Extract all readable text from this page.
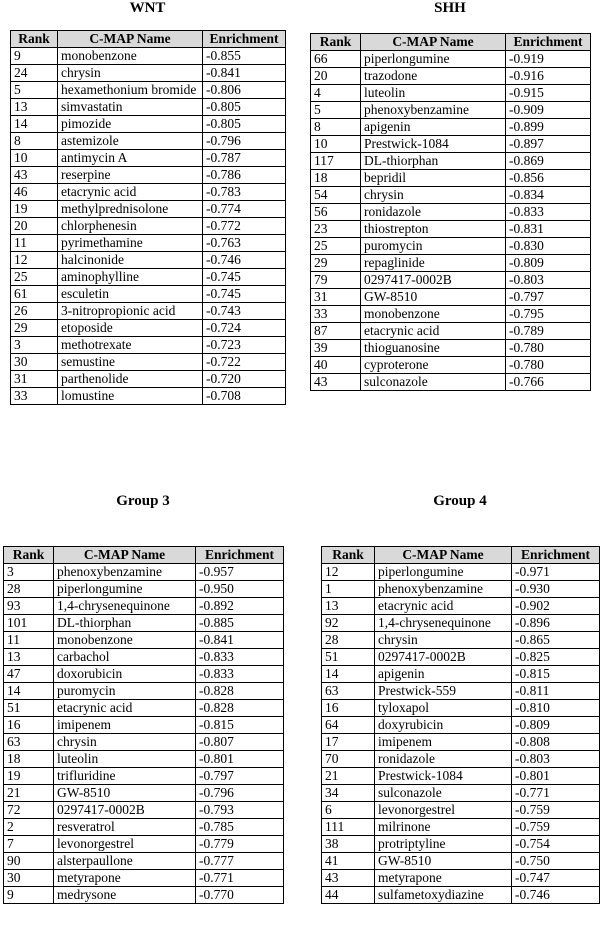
WNT
Rank	C-MAP Name	Enrichment
9	monobenzone	-0.855
24	chrysin	-0.841
5	hexamethonium bromide	-0.806
13	simvastatin	-0.805
14	pimozide	-0.805
8	astemizole	-0.796
10	antimycin A	-0.787
43	reserpine	-0.786
46	etacrynic acid	-0.783
19	methylprednisolone	-0.774
20	chlorphenesin	-0.772
11	pyrimethamine	-0.763
12	halcinonide	-0.746
25	aminophylline	-0.745
61	esculetin	-0.745
26	3-nitropropionic acid	-0.743
29	etoposide	-0.724
3	methotrexate	-0.723
30	semustine	-0.722
31	parthenolide	-0.720
33	lomustine	-0.708
SHH
Rank	C-MAP Name	Enrichment
66	piperlongumine	-0.919
20	trazodone	-0.916
4	luteolin	-0.915
5	phenoxybenzamine	-0.909
8	apigenin	-0.899
10	Prestwick-1084	-0.897
117	DL-thiorphan	-0.869
18	bepridil	-0.856
54	chrysin	-0.834
56	ronidazole	-0.833
23	thiostrepton	-0.831
25	puromycin	-0.830
29	repaglinide	-0.809
79	0297417-0002B	-0.803
31	GW-8510	-0.797
33	monobenzone	-0.795
87	etacrynic acid	-0.789
39	thioguanosine	-0.780
40	cyproterone	-0.780
43	sulconazole	-0.766
Group 3
Rank	C-MAP Name	Enrichment
3	phenoxybenzamine	-0.957
28	piperlongumine	-0.950
93	1,4-chrysenequinone	-0.892
101	DL-thiorphan	-0.885
11	monobenzone	-0.841
13	carbachol	-0.833
47	doxorubicin	-0.833
14	puromycin	-0.828
51	etacrynic acid	-0.828
16	imipenem	-0.815
63	chrysin	-0.807
18	luteolin	-0.801
19	trifluridine	-0.797
21	GW-8510	-0.796
72	0297417-0002B	-0.793
2	resveratrol	-0.785
7	levonorgestrel	-0.779
90	alsterpaullone	-0.777
30	metyrapone	-0.771
9	medrysone	-0.770
Group 4
Rank	C-MAP Name	Enrichment
12	piperlongumine	-0.971
1	phenoxybenzamine	-0.930
13	etacrynic acid	-0.902
92	1,4-chrysenequinone	-0.896
28	chrysin	-0.865
51	0297417-0002B	-0.825
14	apigenin	-0.815
63	Prestwick-559	-0.811
16	tyloxapol	-0.810
64	doxyrubicin	-0.809
17	imipenem	-0.808
70	ronidazole	-0.803
21	Prestwick-1084	-0.801
34	sulconazole	-0.771
6	levonorgestrel	-0.759
111	milrinone	-0.759
38	protriptyline	-0.754
41	GW-8510	-0.750
43	metyrapone	-0.747
44	sulfametoxydiazine	-0.746
